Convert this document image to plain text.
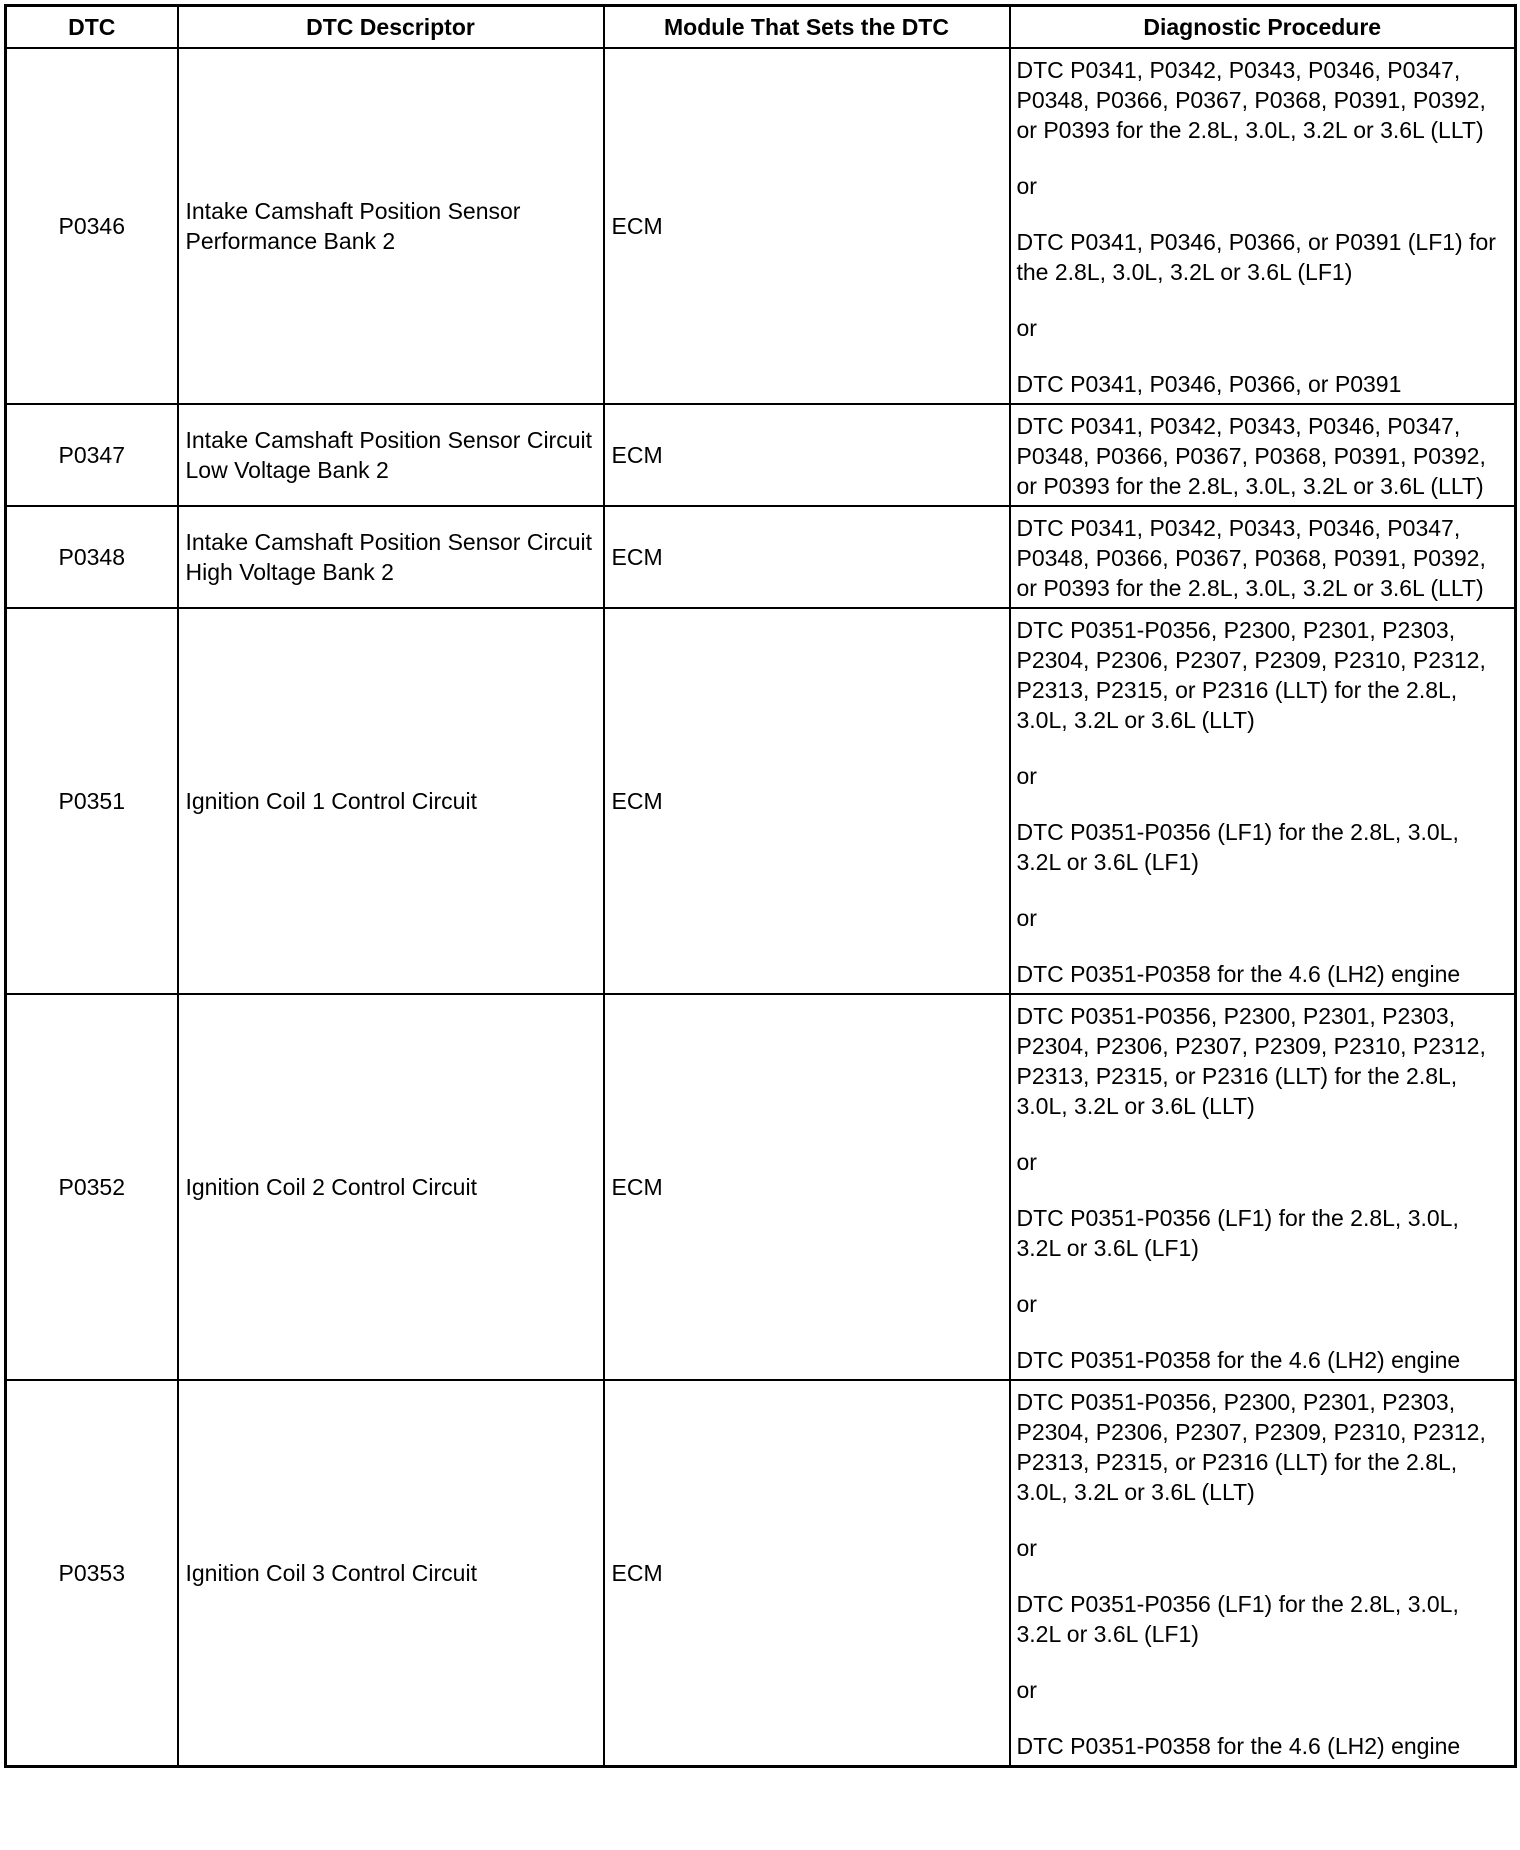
DTC	DTC Descriptor	Module That Sets the DTC	Diagnostic Procedure
P0346	Intake Camshaft Position Sensor Performance Bank 2	ECM	DTC P0341, P0342, P0343, P0346, P0347, P0348, P0366, P0367, P0368, P0391, P0392, or P0393 for the 2.8L, 3.0L, 3.2L or 3.6L (LLT)
or
DTC P0341, P0346, P0366, or P0391 (LF1) for the 2.8L, 3.0L, 3.2L or 3.6L (LF1)
or
DTC P0341, P0346, P0366, or P0391

P0347	Intake Camshaft Position Sensor Circuit Low Voltage Bank 2	ECM	DTC P0341, P0342, P0343, P0346, P0347, P0348, P0366, P0367, P0368, P0391, P0392, or P0393 for the 2.8L, 3.0L, 3.2L or 3.6L (LLT)

P0348	Intake Camshaft Position Sensor Circuit High Voltage Bank 2	ECM	DTC P0341, P0342, P0343, P0346, P0347, P0348, P0366, P0367, P0368, P0391, P0392, or P0393 for the 2.8L, 3.0L, 3.2L or 3.6L (LLT)

P0351	Ignition Coil 1 Control Circuit	ECM	DTC P0351-P0356, P2300, P2301, P2303, P2304, P2306, P2307, P2309, P2310, P2312, P2313, P2315, or P2316 (LLT) for the 2.8L, 3.0L, 3.2L or 3.6L (LLT)
or
DTC P0351-P0356 (LF1) for the 2.8L, 3.0L, 3.2L or 3.6L (LF1)
or
DTC P0351-P0358 for the 4.6 (LH2) engine

P0352	Ignition Coil 2 Control Circuit	ECM	DTC P0351-P0356, P2300, P2301, P2303, P2304, P2306, P2307, P2309, P2310, P2312, P2313, P2315, or P2316 (LLT) for the 2.8L, 3.0L, 3.2L or 3.6L (LLT)
or
DTC P0351-P0356 (LF1) for the 2.8L, 3.0L, 3.2L or 3.6L (LF1)
or
DTC P0351-P0358 for the 4.6 (LH2) engine

P0353	Ignition Coil 3 Control Circuit	ECM	DTC P0351-P0356, P2300, P2301, P2303, P2304, P2306, P2307, P2309, P2310, P2312, P2313, P2315, or P2316 (LLT) for the 2.8L, 3.0L, 3.2L or 3.6L (LLT)
or
DTC P0351-P0356 (LF1) for the 2.8L, 3.0L, 3.2L or 3.6L (LF1)
or
DTC P0351-P0358 for the 4.6 (LH2) engine
